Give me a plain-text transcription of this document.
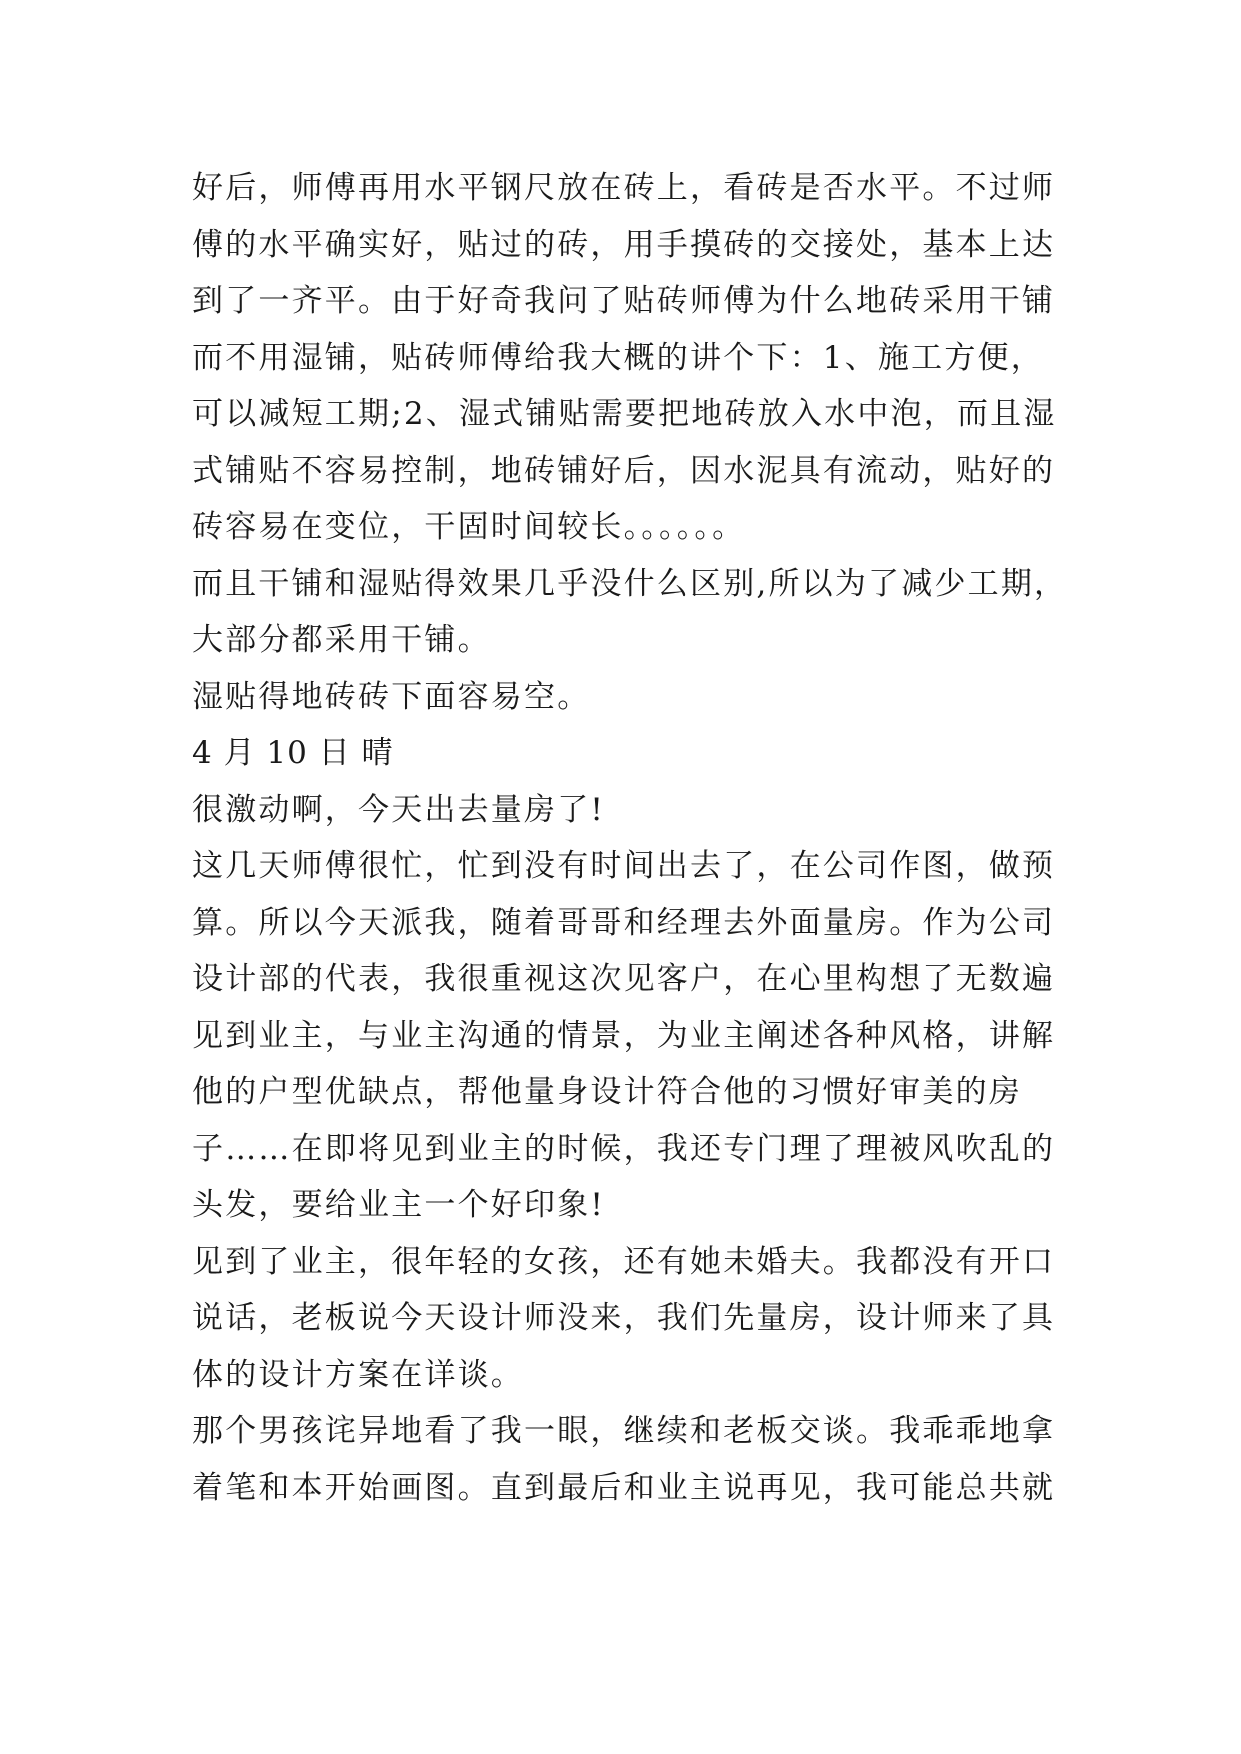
好后，师傅再用水平钢尺放在砖上，看砖是否水平。不过师
傅的水平确实好，贴过的砖，用手摸砖的交接处，基本上达
到了一齐平。由于好奇我问了贴砖师傅为什么地砖采用干铺
而不用湿铺，贴砖师傅给我大概的讲个下：1、施工方便，
可以减短工期;2、湿式铺贴需要把地砖放入水中泡，而且湿
式铺贴不容易控制，地砖铺好后，因水泥具有流动，贴好的
砖容易在变位，干固时间较长。。。。。。
而且干铺和湿贴得效果几乎没什么区别,所以为了减少工期，
大部分都采用干铺。
湿贴得地砖砖下面容易空。
4 月 10 日 晴
很激动啊，今天出去量房了!
这几天师傅很忙，忙到没有时间出去了，在公司作图，做预
算。所以今天派我，随着哥哥和经理去外面量房。作为公司
设计部的代表，我很重视这次见客户，在心里构想了无数遍
见到业主，与业主沟通的情景，为业主阐述各种风格，讲解
他的户型优缺点，帮他量身设计符合他的习惯好审美的房
子……在即将见到业主的时候，我还专门理了理被风吹乱的
头发，要给业主一个好印象!
见到了业主，很年轻的女孩，还有她未婚夫。我都没有开口
说话，老板说今天设计师没来，我们先量房，设计师来了具
体的设计方案在详谈。
那个男孩诧异地看了我一眼，继续和老板交谈。我乖乖地拿
着笔和本开始画图。直到最后和业主说再见，我可能总共就
